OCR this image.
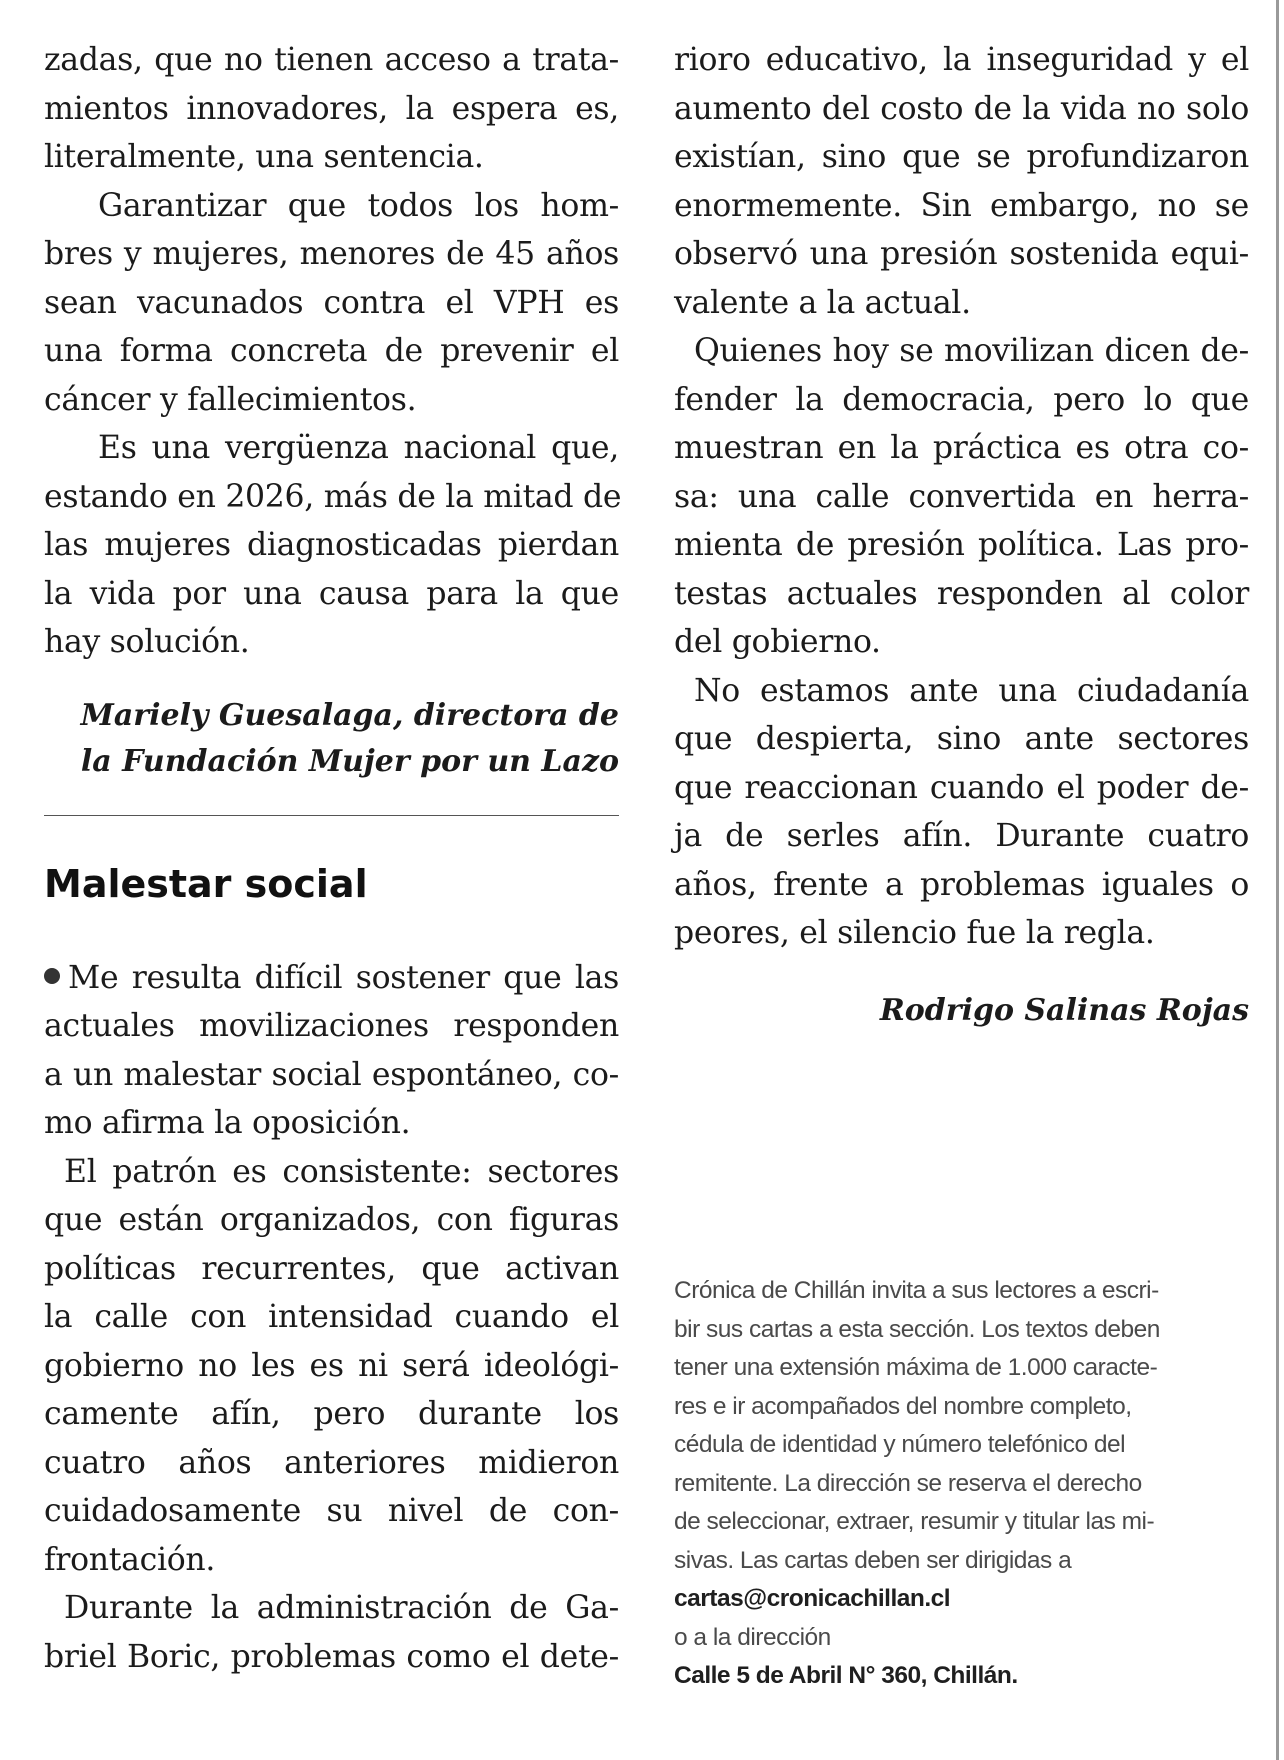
zadas, que no tienen acceso a trata-
mientos innovadores, la espera es,
literalmente, una sentencia.
Garantizar que todos los hom-
bres y mujeres, menores de 45 años
sean vacunados contra el VPH es
una forma concreta de prevenir el
cáncer y fallecimientos.
Es una vergüenza nacional que,
estando en 2026, más de la mitad de
las mujeres diagnosticadas pierdan
la vida por una causa para la que
hay solución.
Mariely Guesalaga, directora de
la Fundación Mujer por un Lazo
Malestar social
Me resulta difícil sostener que las
actuales movilizaciones responden
a un malestar social espontáneo, co-
mo afirma la oposición.
El patrón es consistente: sectores
que están organizados, con figuras
políticas recurrentes, que activan
la calle con intensidad cuando el
gobierno no les es ni será ideológi-
camente afín, pero durante los
cuatro años anteriores midieron
cuidadosamente su nivel de con-
frontación.
Durante la administración de Ga-
briel Boric, problemas como el dete-
rioro educativo, la inseguridad y el
aumento del costo de la vida no solo
existían, sino que se profundizaron
enormemente. Sin embargo, no se
observó una presión sostenida equi-
valente a la actual.
Quienes hoy se movilizan dicen de-
fender la democracia, pero lo que
muestran en la práctica es otra co-
sa: una calle convertida en herra-
mienta de presión política. Las pro-
testas actuales responden al color
del gobierno.
No estamos ante una ciudadanía
que despierta, sino ante sectores
que reaccionan cuando el poder de-
ja de serles afín. Durante cuatro
años, frente a problemas iguales o
peores, el silencio fue la regla.
Rodrigo Salinas Rojas
Crónica de Chillán invita a sus lectores a escri-
bir sus cartas a esta sección. Los textos deben
tener una extensión máxima de 1.000 caracte-
res e ir acompañados del nombre completo,
cédula de identidad y número telefónico del
remitente. La dirección se reserva el derecho
de seleccionar, extraer, resumir y titular las mi-
sivas. Las cartas deben ser dirigidas a
cartas@cronicachillan.cl
o a la dirección
Calle 5 de Abril N° 360, Chillán.
